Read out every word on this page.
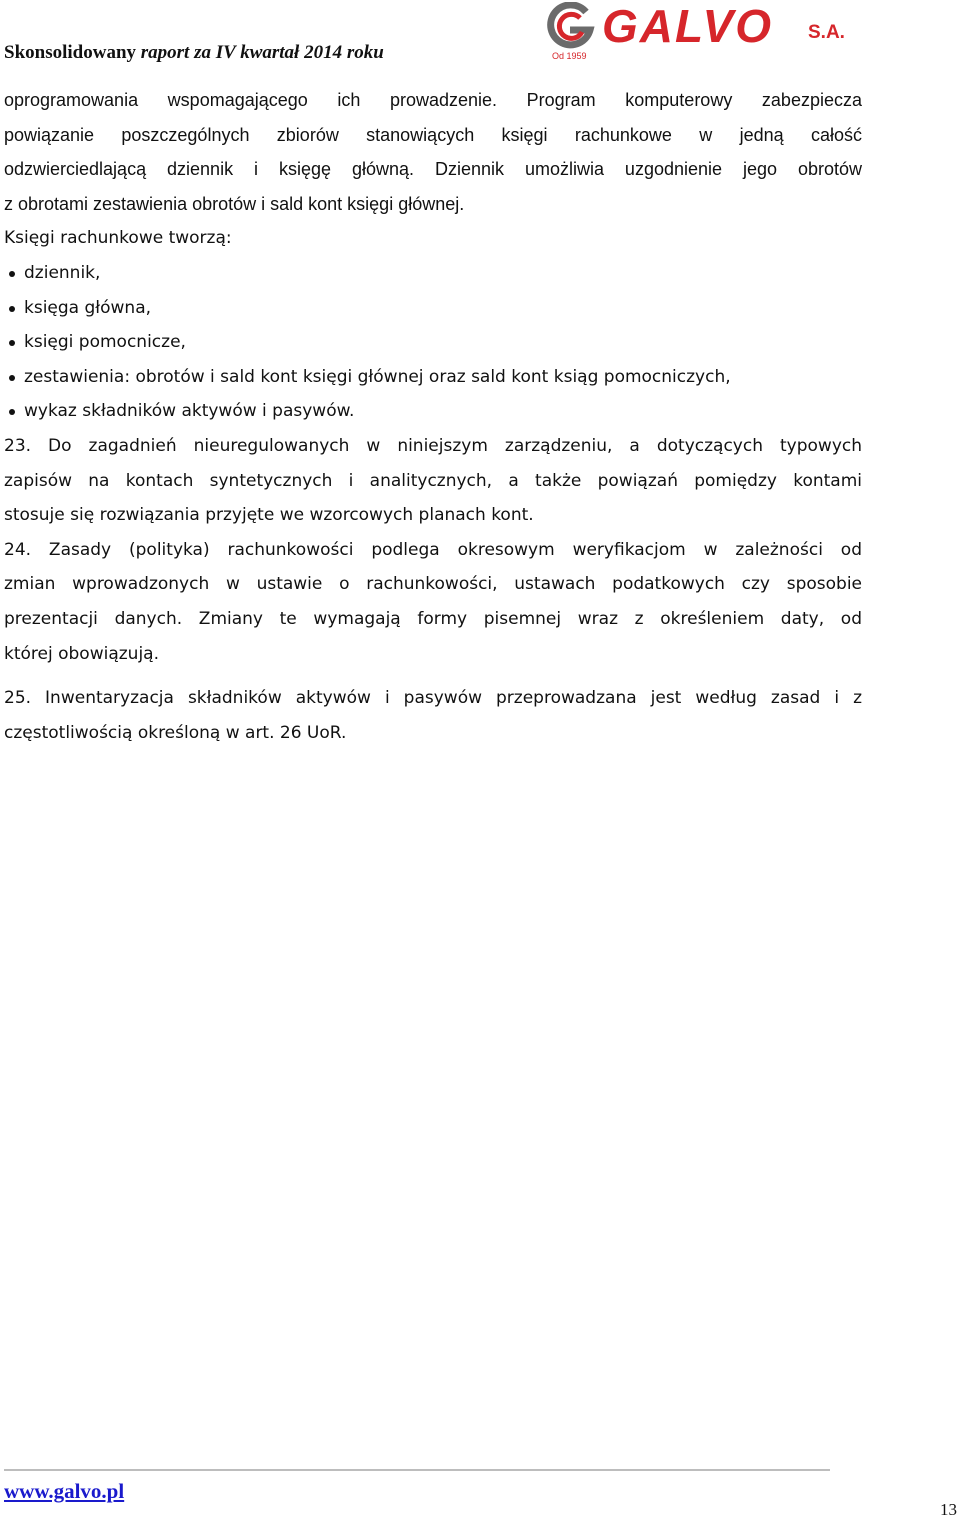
Skonsolidowany raport za IV kwartał 2014 roku
GALVO S.A.
Od 1959
oprogramowania wspomagającego ich prowadzenie. Program komputerowy zabezpiecza
powiązanie poszczególnych zbiorów stanowiących księgi rachunkowe w jedną całość
odzwierciedlającą dziennik i księgę główną. Dziennik umożliwia uzgodnienie jego obrotów
z obrotami zestawienia obrotów i sald kont księgi głównej.
Księgi rachunkowe tworzą:
dziennik,
księga główna,
księgi pomocnicze,
zestawienia: obrotów i sald kont księgi głównej oraz sald kont ksiąg pomocniczych,
wykaz składników aktywów i pasywów.
23. Do zagadnień nieuregulowanych w niniejszym zarządzeniu, a dotyczących typowych
zapisów na kontach syntetycznych i analitycznych, a także powiązań pomiędzy kontami
stosuje się rozwiązania przyjęte we wzorcowych planach kont.
24. Zasady (polityka) rachunkowości podlega okresowym weryfikacjom w zależności od
zmian wprowadzonych w ustawie o rachunkowości, ustawach podatkowych czy sposobie
prezentacji danych. Zmiany te wymagają formy pisemnej wraz z określeniem daty, od
której obowiązują.
25. Inwentaryzacja składników aktywów i pasywów przeprowadzana jest według zasad i z
częstotliwością określoną w art. 26 UoR.
www.galvo.pl
13
